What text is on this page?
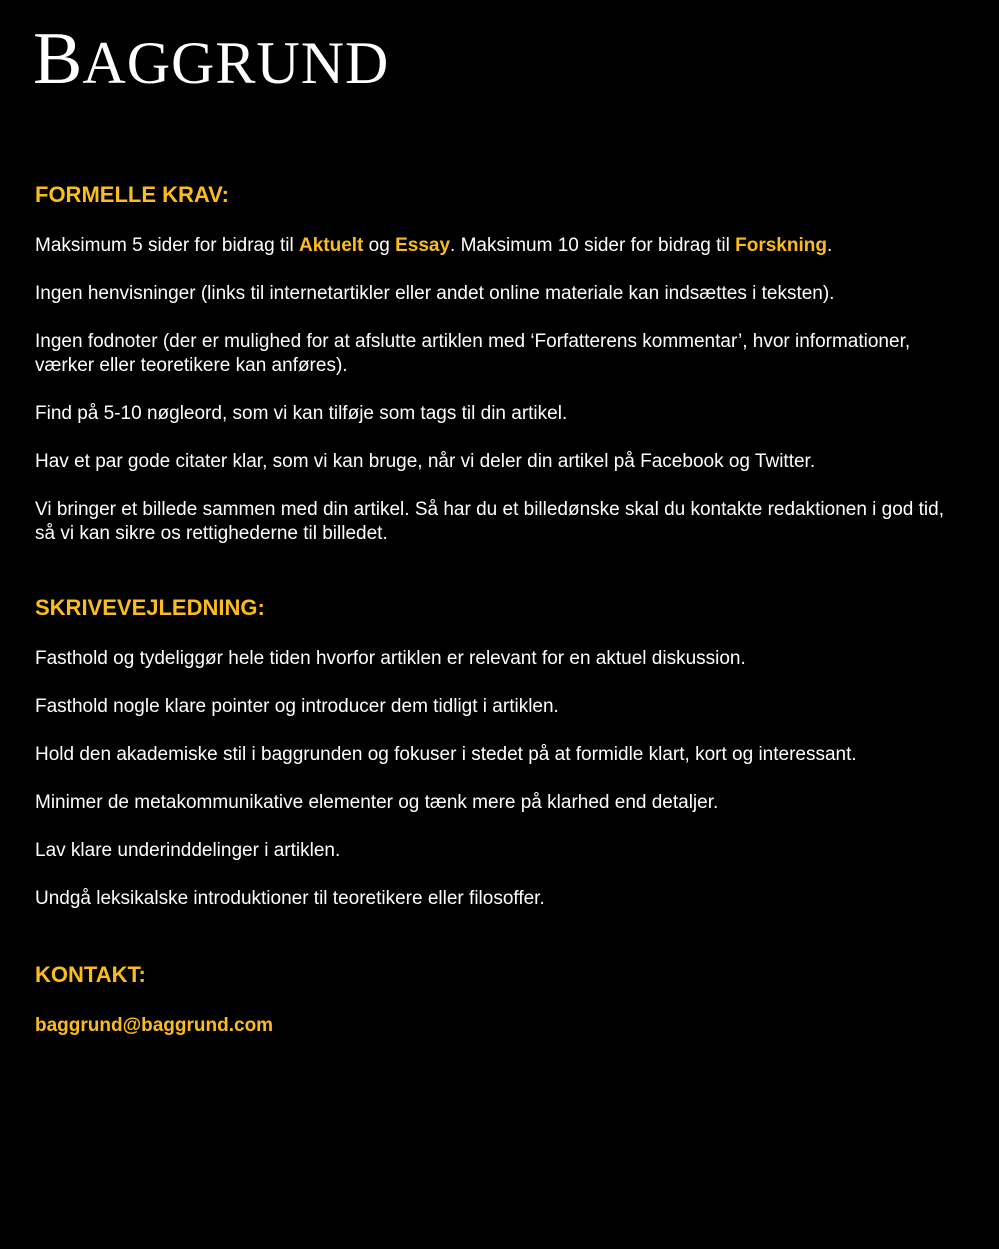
BAGGRUND
FORMELLE KRAV:

Maksimum 5 sider for bidrag til Aktuelt og Essay. Maksimum 10 sider for bidrag til Forskning.

Ingen henvisninger (links til internetartikler eller andet online materiale kan indsættes i teksten).

Ingen fodnoter (der er mulighed for at afslutte artiklen med ‘Forfatterens kommentar’, hvor informationer, værker eller teoretikere kan anføres).

Find på 5-10 nøgleord, som vi kan tilføje som tags til din artikel.

Hav et par gode citater klar, som vi kan bruge, når vi deler din artikel på Facebook og Twitter.

Vi bringer et billede sammen med din artikel. Så har du et billedønske skal du kontakte redaktionen i god tid, så vi kan sikre os rettighederne til billedet.

SKRIVEVEJLEDNING:

Fasthold og tydeliggør hele tiden hvorfor artiklen er relevant for en aktuel diskussion.

Fasthold nogle klare pointer og introducer dem tidligt i artiklen.

Hold den akademiske stil i baggrunden og fokuser i stedet på at formidle klart, kort og interessant.

Minimer de metakommunikative elementer og tænk mere på klarhed end detaljer.

Lav klare underinddelinger i artiklen.

Undgå leksikalske introduktioner til teoretikere eller filosoffer.

KONTAKT:

baggrund@baggrund.com
